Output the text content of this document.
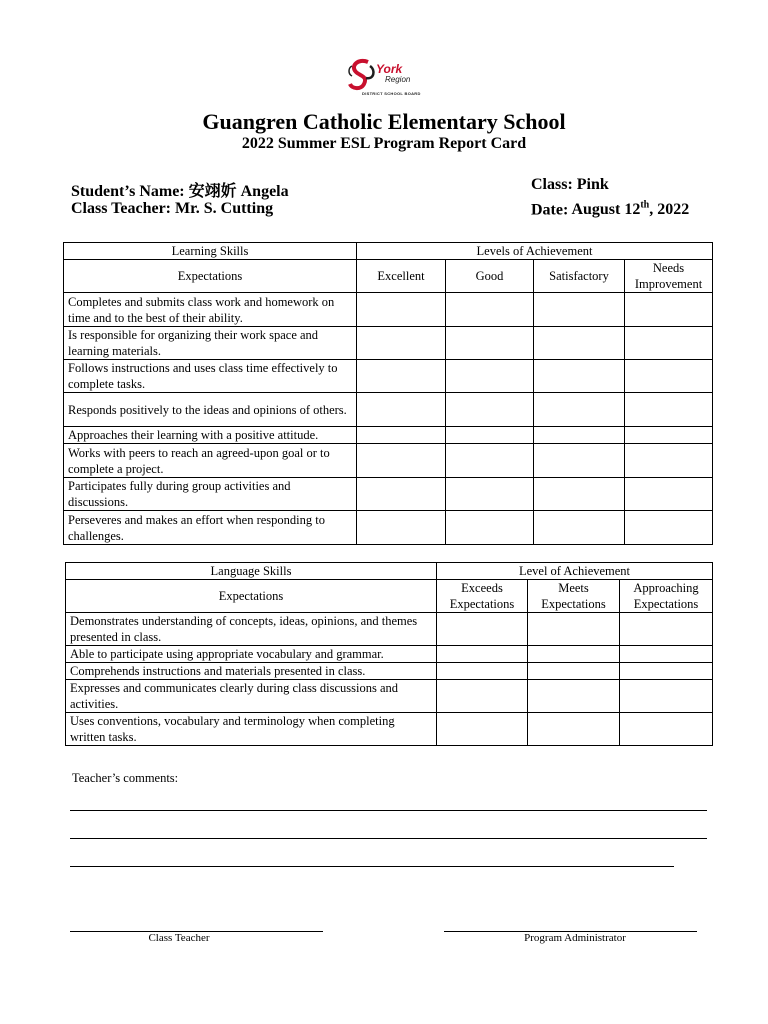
York
Region
DISTRICT SCHOOL BOARD
Guangren Catholic Elementary School
2022 Summer ESL Program Report Card
Student’s Name: 安翊妡 Angela
Class Teacher: Mr. S. Cutting
Class: Pink
Date: August 12th, 2022
Learning Skills	Levels of Achievement			
Expectations	Excellent	Good	Satisfactory	Needs Improvement
Completes and submits class work and homework on time and to the best of their ability.				
Is responsible for organizing their work space and learning materials.				
Follows instructions and uses class time effectively to complete tasks.				
Responds positively to the ideas and opinions of others.				
Approaches their learning with a positive attitude.				
Works with peers to reach an agreed-upon goal or to complete a project.				
Participates fully during group activities and discussions.				
Perseveres and makes an effort when responding to challenges.				
Language Skills	Level of Achievement		
Expectations	Exceeds Expectations	Meets Expectations	Approaching Expectations
Demonstrates understanding of concepts, ideas, opinions, and themes presented in class.			
Able to participate using appropriate vocabulary and grammar.			
Comprehends instructions and materials presented in class.			
Expresses and communicates clearly during class discussions and activities.			
Uses conventions, vocabulary and terminology when completing written tasks.			
Teacher’s comments:
Class Teacher	Program Administrator
